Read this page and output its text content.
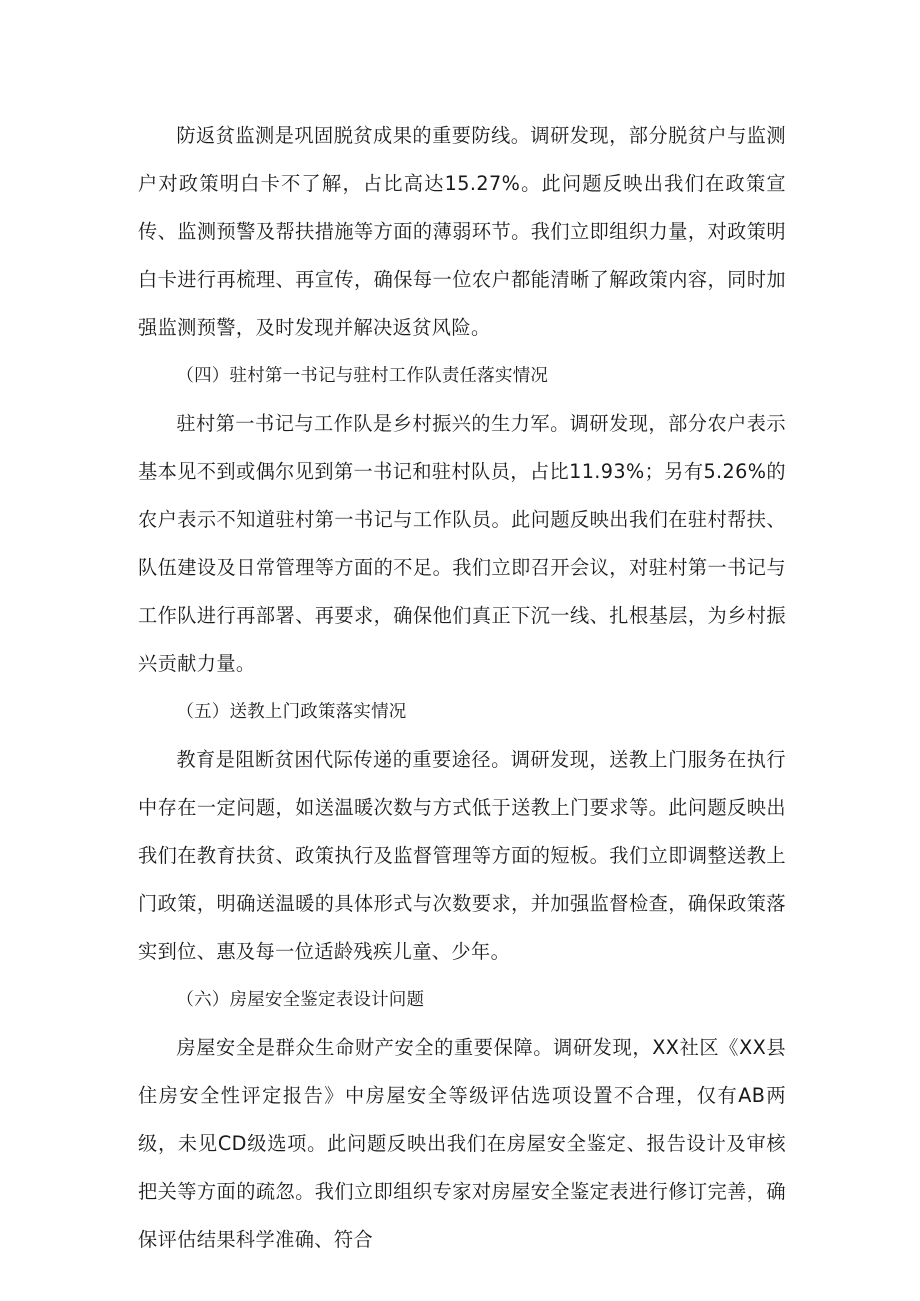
防返贫监测是巩固脱贫成果的重要防线。调研发现，部分脱贫户与监测户对政策明白卡不了解，占比高达15.27%。此问题反映出我们在政策宣传、监测预警及帮扶措施等方面的薄弱环节。我们立即组织力量，对政策明白卡进行再梳理、再宣传，确保每一位农户都能清晰了解政策内容，同时加强监测预警，及时发现并解决返贫风险。

（四）驻村第一书记与驻村工作队责任落实情况

驻村第一书记与工作队是乡村振兴的生力军。调研发现，部分农户表示基本见不到或偶尔见到第一书记和驻村队员，占比11.93%；另有5.26%的农户表示不知道驻村第一书记与工作队员。此问题反映出我们在驻村帮扶、队伍建设及日常管理等方面的不足。我们立即召开会议，对驻村第一书记与工作队进行再部署、再要求，确保他们真正下沉一线、扎根基层，为乡村振兴贡献力量。

（五）送教上门政策落实情况

教育是阻断贫困代际传递的重要途径。调研发现，送教上门服务在执行中存在一定问题，如送温暖次数与方式低于送教上门要求等。此问题反映出我们在教育扶贫、政策执行及监督管理等方面的短板。我们立即调整送教上门政策，明确送温暖的具体形式与次数要求，并加强监督检查，确保政策落实到位、惠及每一位适龄残疾儿童、少年。

（六）房屋安全鉴定表设计问题

房屋安全是群众生命财产安全的重要保障。调研发现，XX社区《XX县住房安全性评定报告》中房屋安全等级评估选项设置不合理，仅有AB两级，未见CD级选项。此问题反映出我们在房屋安全鉴定、报告设计及审核把关等方面的疏忽。我们立即组织专家对房屋安全鉴定表进行修订完善，确保评估结果科学准确、符合
